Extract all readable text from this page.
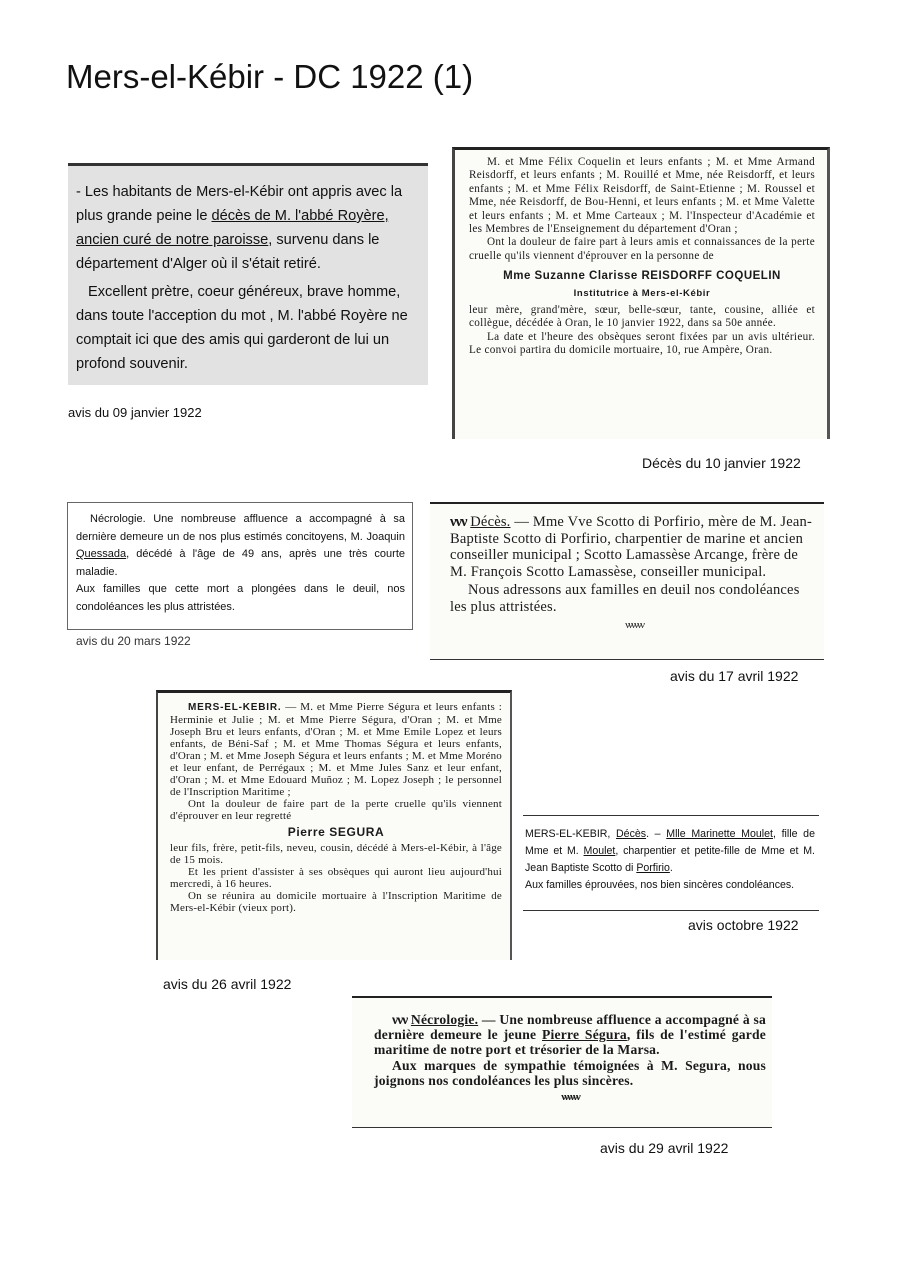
Mers-el-Kébir - DC 1922 (1)

- Les habitants de Mers-el-Kébir ont appris avec la plus grande peine le décès de M. l'abbé Royère, ancien curé de notre paroisse, survenu dans le département d'Alger où il s'était retiré.

Excellent prètre, coeur généreux, brave homme, dans toute l'acception du mot , M. l'abbé Royère ne comptait ici que des amis qui garderont de lui un profond souvenir.

avis du 09 janvier 1922

M. et Mme Félix Coquelin et leurs enfants ; M. et Mme Armand Reisdorff, et leurs enfants ; M. Rouillé et Mme, née Reisdorff, et leurs enfants ; M. et Mme Félix Reisdorff, de Saint-Etienne ; M. Roussel et Mme, née Reisdorff, de Bou-Henni, et leurs enfants ; M. et Mme Valette et leurs enfants ; M. et Mme Carteaux ; M. l'Inspecteur d'Académie et les Membres de l'Enseignement du département d'Oran ;

Ont la douleur de faire part à leurs amis et connaissances de la perte cruelle qu'ils viennent d'éprouver en la personne de

Mme Suzanne Clarisse REISDORFF COQUELIN

Institutrice à Mers-el-Kébir

leur mère, grand'mère, sœur, belle-sœur, tante, cousine, alliée et collègue, décédée à Oran, le 10 janvier 1922, dans sa 50e année.

La date et l'heure des obsèques seront fixées par un avis ultérieur. Le convoi partira du domicile mortuaire, 10, rue Ampère, Oran.

Décès du 10 janvier 1922

Nécrologie. Une nombreuse affluence a accompagné à sa dernière demeure un de nos plus estimés concitoyens, M. Joaquin Quessada, décédé à l'âge de 49 ans, après une très courte maladie.

Aux familles que cette mort a plongées dans le deuil, nos condoléances les plus attristées.

avis du 20 mars 1922

ννν Décès. — Mme Vve Scotto di Porfirio, mère de M. Jean-Baptiste Scotto di Porfirio, charpentier de marine et ancien conseiller municipal ; Scotto Lamassèse Arcange, frère de M. François Scotto Lamassèse, conseiller municipal.

Nous adressons aux familles en deuil nos condoléances les plus attristées.

νννννν
avis du 17 avril 1922

MERS-EL-KEBIR. — M. et Mme Pierre Ségura et leurs enfants : Herminie et Julie ; M. et Mme Pierre Ségura, d'Oran ; M. et Mme Joseph Bru et leurs enfants, d'Oran ; M. et Mme Emile Lopez et leurs enfants, de Béni-Saf ; M. et Mme Thomas Ségura et leurs enfants, d'Oran ; M. et Mme Joseph Ségura et leurs enfants ; M. et Mme Moréno et leur enfant, de Perrégaux ; M. et Mme Jules Sanz et leur enfant, d'Oran ; M. et Mme Edouard Muñoz ; M. Lopez Joseph ; le personnel de l'Inscription Maritime ;

Ont la douleur de faire part de la perte cruelle qu'ils viennent d'éprouver en leur regretté

Pierre SEGURA

leur fils, frère, petit-fils, neveu, cousin, décédé à Mers-el-Kébir, à l'âge de 15 mois.

Et les prient d'assister à ses obsèques qui auront lieu aujourd'hui mercredi, à 16 heures.

On se réunira au domicile mortuaire à l'Inscription Maritime de Mers-el-Kébir (vieux port).

avis du 26 avril 1922

MERS-EL-KEBIR, Décès. – Mlle Marinette Moulet, fille de Mme et M. Moulet, charpentier et petite-fille de Mme et M. Jean Baptiste Scotto di Porfirio.

Aux familles éprouvées, nos bien sincères condoléances.

avis octobre 1922

ννν Nécrologie. — Une nombreuse affluence a accompagné à sa dernière demeure le jeune Pierre Ségura, fils de l'estimé garde maritime de notre port et trésorier de la Marsa.

Aux marques de sympathie témoignées à M. Segura, nous joignons nos condoléances les plus sincères.

νννννν
avis du 29 avril 1922
